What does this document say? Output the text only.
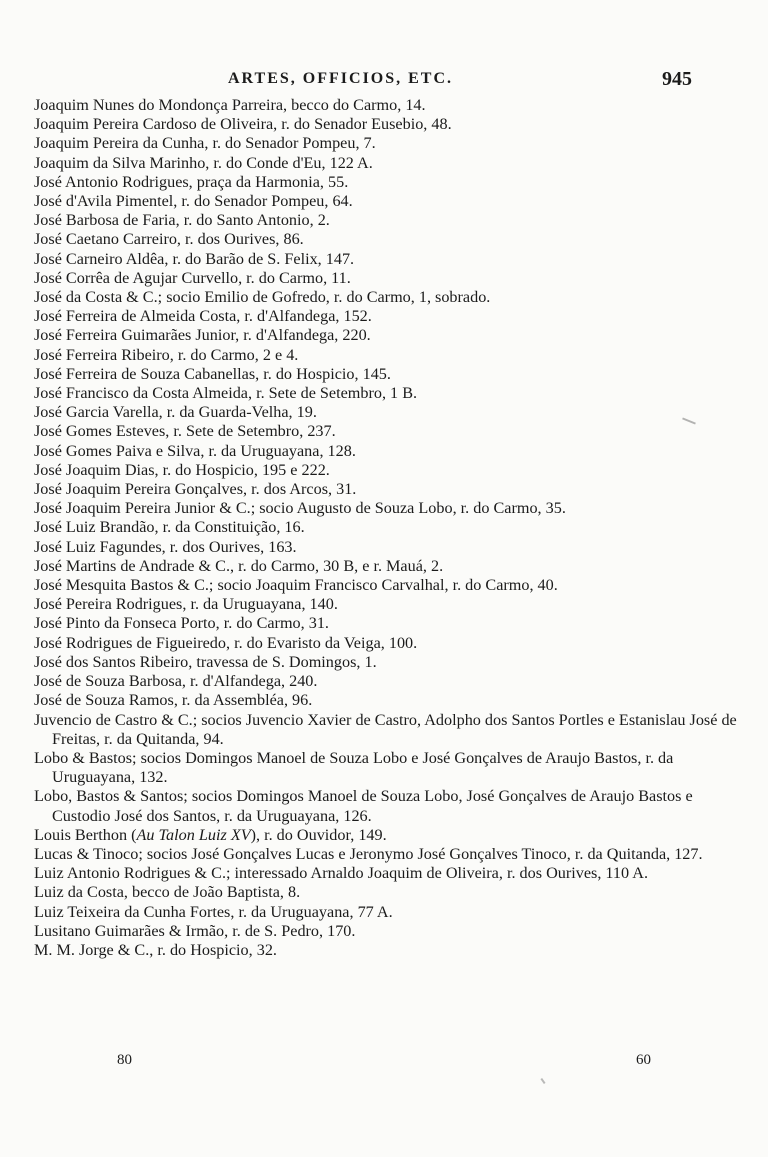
ARTES, OFFICIOS, ETC.	945

Joaquim Nunes do Mondonça Parreira, becco do Carmo, 14.

Joaquim Pereira Cardoso de Oliveira, r. do Senador Eusebio, 48.

Joaquim Pereira da Cunha, r. do Senador Pompeu, 7.

Joaquim da Silva Marinho, r. do Conde d'Eu, 122 A.

José Antonio Rodrigues, praça da Harmonia, 55.

José d'Avila Pimentel, r. do Senador Pompeu, 64.

José Barbosa de Faria, r. do Santo Antonio, 2.

José Caetano Carreiro, r. dos Ourives, 86.

José Carneiro Aldêa, r. do Barão de S. Felix, 147.

José Corrêa de Agujar Curvello, r. do Carmo, 11.

José da Costa & C.; socio Emilio de Gofredo, r. do Carmo, 1, sobrado.

José Ferreira de Almeida Costa, r. d'Alfandega, 152.

José Ferreira Guimarães Junior, r. d'Alfandega, 220.

José Ferreira Ribeiro, r. do Carmo, 2 e 4.

José Ferreira de Souza Cabanellas, r. do Hospicio, 145.

José Francisco da Costa Almeida, r. Sete de Setembro, 1 B.

José Garcia Varella, r. da Guarda-Velha, 19.

José Gomes Esteves, r. Sete de Setembro, 237.

José Gomes Paiva e Silva, r. da Uruguayana, 128.

José Joaquim Dias, r. do Hospicio, 195 e 222.

José Joaquim Pereira Gonçalves, r. dos Arcos, 31.

José Joaquim Pereira Junior & C.; socio Augusto de Souza Lobo, r. do Carmo, 35.

José Luiz Brandão, r. da Constituição, 16.

José Luiz Fagundes, r. dos Ourives, 163.

José Martins de Andrade & C., r. do Carmo, 30 B, e r. Mauá, 2.

José Mesquita Bastos & C.; socio Joaquim Francisco Carvalhal, r. do Carmo, 40.

José Pereira Rodrigues, r. da Uruguayana, 140.

José Pinto da Fonseca Porto, r. do Carmo, 31.

José Rodrigues de Figueiredo, r. do Evaristo da Veiga, 100.

José dos Santos Ribeiro, travessa de S. Domingos, 1.

José de Souza Barbosa, r. d'Alfandega, 240.

José de Souza Ramos, r. da Assembléa, 96.

Juvencio de Castro & C.; socios Juvencio Xavier de Castro, Adolpho dos Santos Portles e Estanislau José de Freitas, r. da Quitanda, 94.

Lobo & Bastos; socios Domingos Manoel de Souza Lobo e José Gonçalves de Araujo Bastos, r. da Uruguayana, 132.

Lobo, Bastos & Santos; socios Domingos Manoel de Souza Lobo, José Gonçalves de Araujo Bastos e Custodio José dos Santos, r. da Uruguayana, 126.

Louis Berthon (Au Talon Luiz XV), r. do Ouvidor, 149.

Lucas & Tinoco; socios José Gonçalves Lucas e Jeronymo José Gonçalves Tinoco, r. da Quitanda, 127.

Luiz Antonio Rodrigues & C.; interessado Arnaldo Joaquim de Oliveira, r. dos Ourives, 110 A.

Luiz da Costa, becco de João Baptista, 8.

Luiz Teixeira da Cunha Fortes, r. da Uruguayana, 77 A.

Lusitano Guimarães & Irmão, r. de S. Pedro, 170.

M. M. Jorge & C., r. do Hospicio, 32.

80	60
